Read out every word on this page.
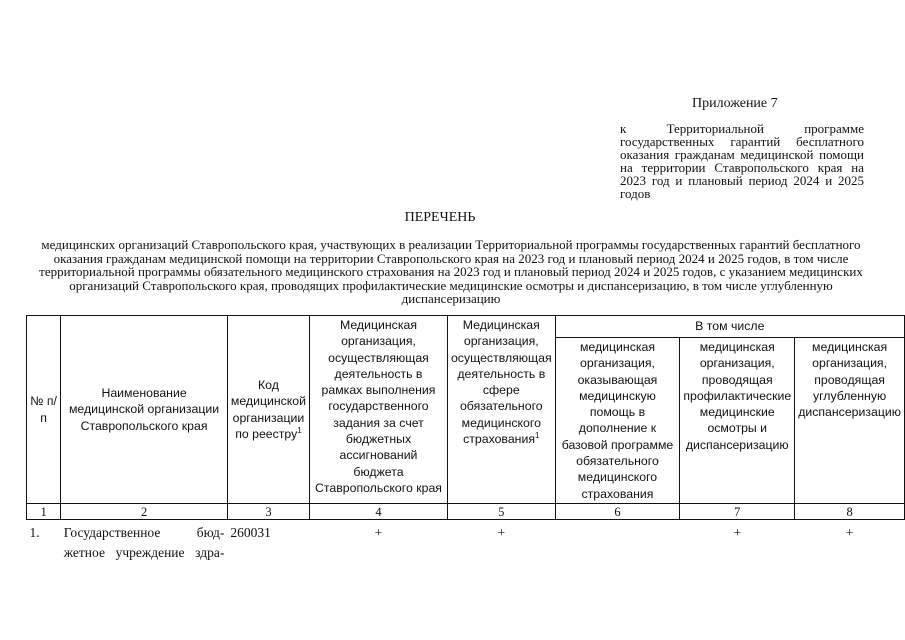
Приложение 7
к Территориальной программе государственных гарантий бесплатного оказания гражданам медицинской помощи на территории Ставропольского края на 2023 год и плановый период 2024 и 2025 годов
ПЕРЕЧЕНЬ
медицинских организаций Ставропольского края, участвующих в реализации Территориальной программы государственных гарантий бесплатного оказания гражданам медицинской помощи на территории Ставропольского края на 2023 год и плановый период 2024 и 2025 годов, в том числе территориальной программы обязательного медицинского страхования на 2023 год и плановый период 2024 и 2025 годов, с указанием медицинских организаций Ставропольского края, проводящих профилактические медицинские осмотры и диспансеризацию, в том числе углубленную диспансеризацию
№ п/п	Наименование медицинской организации Ставропольского края	Код медицинской организации по реестру$^1$	Медицинская организация, осуществляющая деятельность в рамках выполнения государственного задания за счет бюджетных ассигнований бюджета Ставропольского края	Медицинская организация, осуществляющая деятельность в сфере обязательного медицинского страхования$^1$	В том числе		
					медицинская организация, оказывающая медицинскую помощь в дополнение к базовой программе обязательного медицинского страхования	медицинская организация, проводящая профилактические медицинские осмотры и диспансеризацию	медицинская организация, проводящая углубленную диспансеризацию
1	2	3	4	5	6	7	8
1.	Государственное бюд-
жетное учреждение здра-	260031	+	+		+	+
